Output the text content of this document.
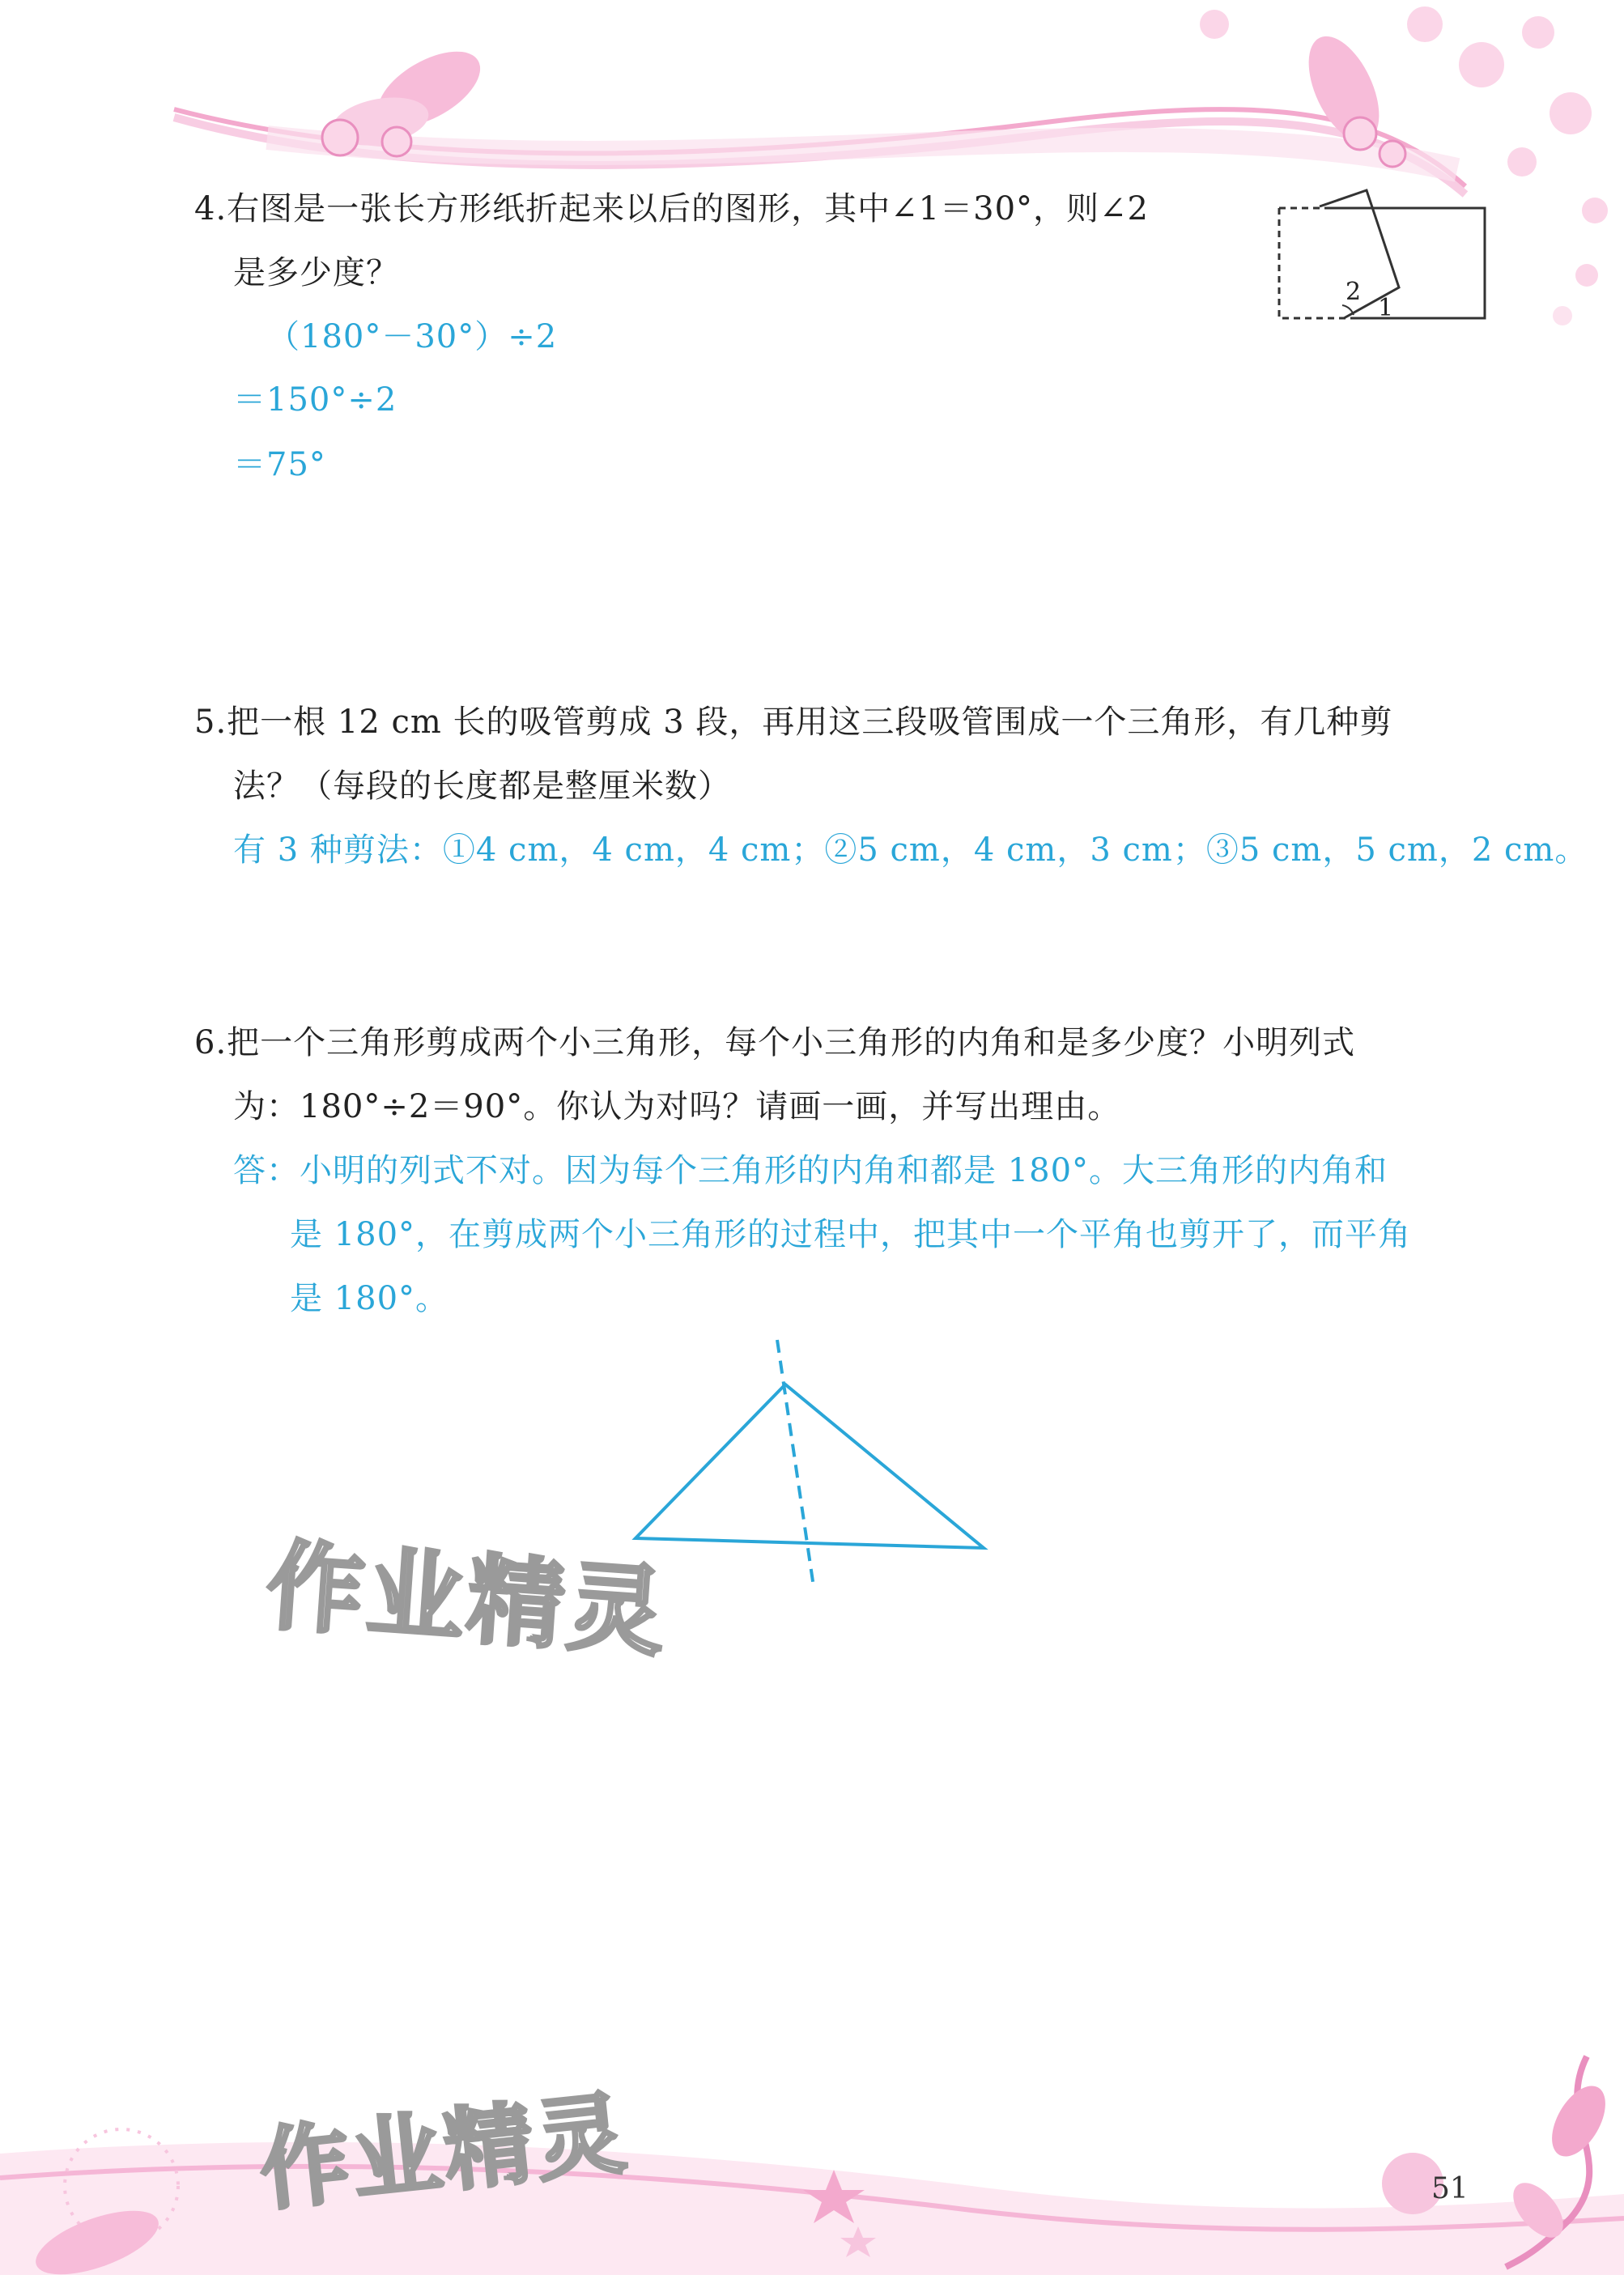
4.右图是一张长方形纸折起来以后的图形，其中∠1＝30°，则∠2
是多少度？
（180°－30°）÷2
＝150°÷2
＝75°
2
1
5.把一根 12 cm 长的吸管剪成 3 段，再用这三段吸管围成一个三角形，有几种剪
法？（每段的长度都是整厘米数）
有 3 种剪法：①4 cm，4 cm，4 cm；②5 cm，4 cm，3 cm；③5 cm，5 cm，2 cm。
6.把一个三角形剪成两个小三角形，每个小三角形的内角和是多少度？小明列式
为：180°÷2＝90°。你认为对吗？请画一画，并写出理由。
答：小明的列式不对。因为每个三角形的内角和都是 180°。大三角形的内角和
是 180°，在剪成两个小三角形的过程中，把其中一个平角也剪开了，而平角
是 180°。
作业精灵
作业精灵	51
